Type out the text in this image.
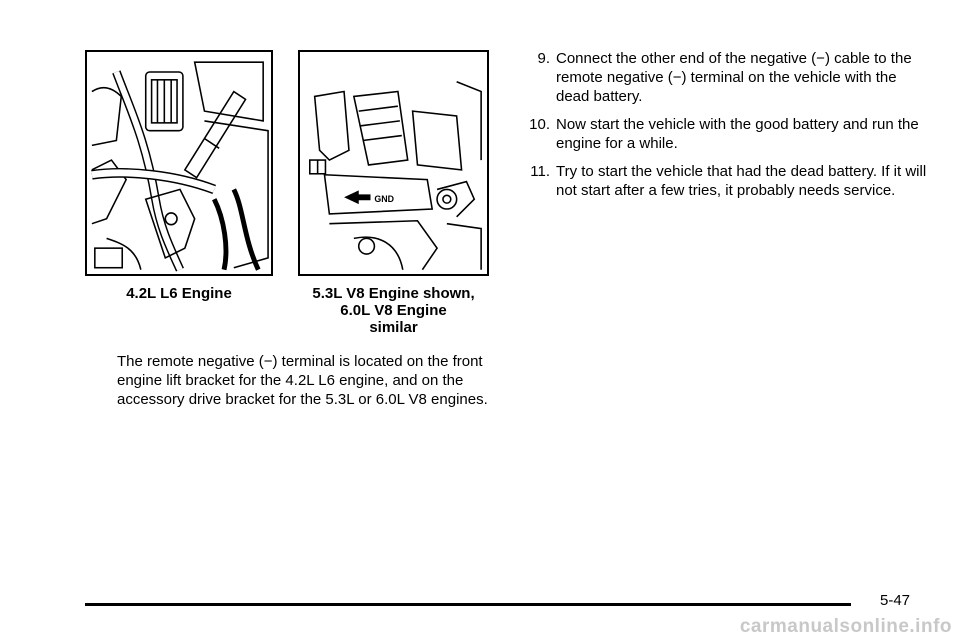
GND
4.2L L6 Engine	5.3L V8 Engine shown,
6.0L V8 Engine
similar

The remote negative (−) terminal is located on the front engine lift bracket for the 4.2L L6 engine, and on the accessory drive bracket for the 5.3L or 6.0L V8 engines.

9. Connect the other end of the negative (−) cable to the remote negative (−) terminal on the vehicle with the dead battery.
10. Now start the vehicle with the good battery and run the engine for a while.
11. Try to start the vehicle that had the dead battery. If it will not start after a few tries, it probably needs service.
5-47
carmanualsonline.info
